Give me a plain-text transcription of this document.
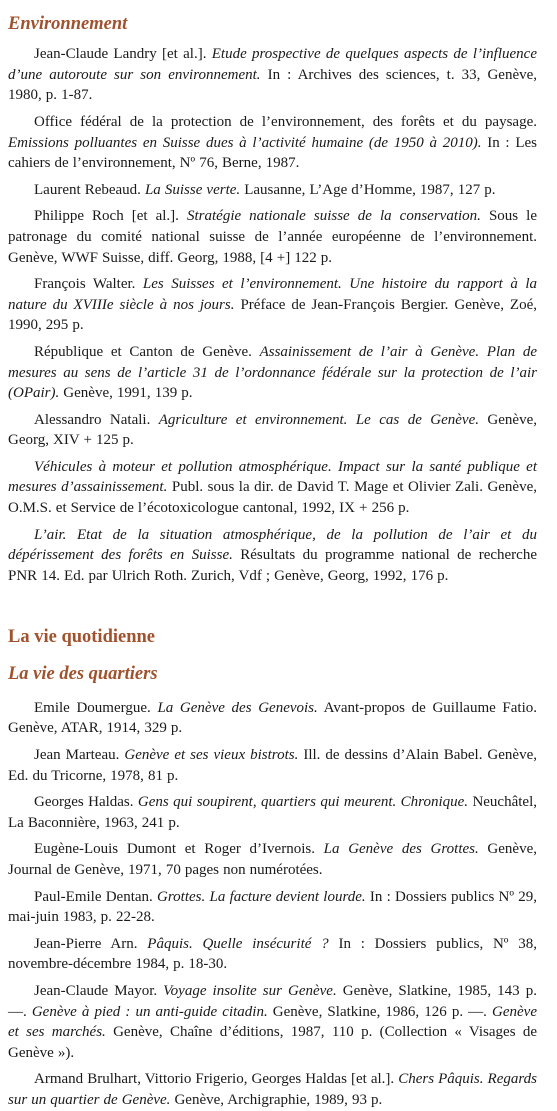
Environnement

Jean-Claude Landry [et al.]. Etude prospective de quelques aspects de l’influence d’une autoroute sur son environnement. In : Archives des sciences, t. 33, Genève, 1980, p. 1-87.

Office fédéral de la protection de l’environnement, des forêts et du paysage. Emissions polluantes en Suisse dues à l’activité humaine (de 1950 à 2010). In : Les cahiers de l’environnement, Nº 76, Berne, 1987.

Laurent Rebeaud. La Suisse verte. Lausanne, L’Age d’Homme, 1987, 127 p.

Philippe Roch [et al.]. Stratégie nationale suisse de la conservation. Sous le patronage du comité national suisse de l’année européenne de l’environnement. Genève, WWF Suisse, diff. Georg, 1988, [4 +] 122 p.

François Walter. Les Suisses et l’environnement. Une histoire du rapport à la nature du XVIIIe siècle à nos jours. Préface de Jean-François Bergier. Genève, Zoé, 1990, 295 p.

République et Canton de Genève. Assainissement de l’air à Genève. Plan de mesures au sens de l’article 31 de l’ordonnance fédérale sur la protection de l’air (OPair). Genève, 1991, 139 p.

Alessandro Natali. Agriculture et environnement. Le cas de Genève. Genève, Georg, XIV + 125 p.

Véhicules à moteur et pollution atmosphérique. Impact sur la santé publique et mesures d’assainissement. Publ. sous la dir. de David T. Mage et Olivier Zali. Genève, O.M.S. et Service de l’écotoxicologue cantonal, 1992, IX + 256 p.

L’air. Etat de la situation atmosphérique, de la pollution de l’air et du dépérissement des forêts en Suisse. Résultats du programme national de recherche PNR 14. Ed. par Ulrich Roth. Zurich, Vdf ; Genève, Georg, 1992, 176 p.

La vie quotidienne
La vie des quartiers

Emile Doumergue. La Genève des Genevois. Avant-propos de Guillaume Fatio. Genève, ATAR, 1914, 329 p.

Jean Marteau. Genève et ses vieux bistrots. Ill. de dessins d’Alain Babel. Genève, Ed. du Tricorne, 1978, 81 p.

Georges Haldas. Gens qui soupirent, quartiers qui meurent. Chronique. Neuchâtel, La Baconnière, 1963, 241 p.

Eugène-Louis Dumont et Roger d’Ivernois. La Genève des Grottes. Genève, Journal de Genève, 1971, 70 pages non numérotées.

Paul-Emile Dentan. Grottes. La facture devient lourde. In : Dossiers publics Nº 29, mai-juin 1983, p. 22-28.

Jean-Pierre Arn. Pâquis. Quelle insécurité ? In : Dossiers publics, Nº 38, novembre-décembre 1984, p. 18-30.

Jean-Claude Mayor. Voyage insolite sur Genève. Genève, Slatkine, 1985, 143 p. —. Genève à pied : un anti-guide citadin. Genève, Slatkine, 1986, 126 p. —. Genève et ses marchés. Genève, Chaîne d’éditions, 1987, 110 p. (Collection « Visages de Genève »).

Armand Brulhart, Vittorio Frigerio, Georges Haldas [et al.]. Chers Pâquis. Regards sur un quartier de Genève. Genève, Archigraphie, 1989, 93 p.
